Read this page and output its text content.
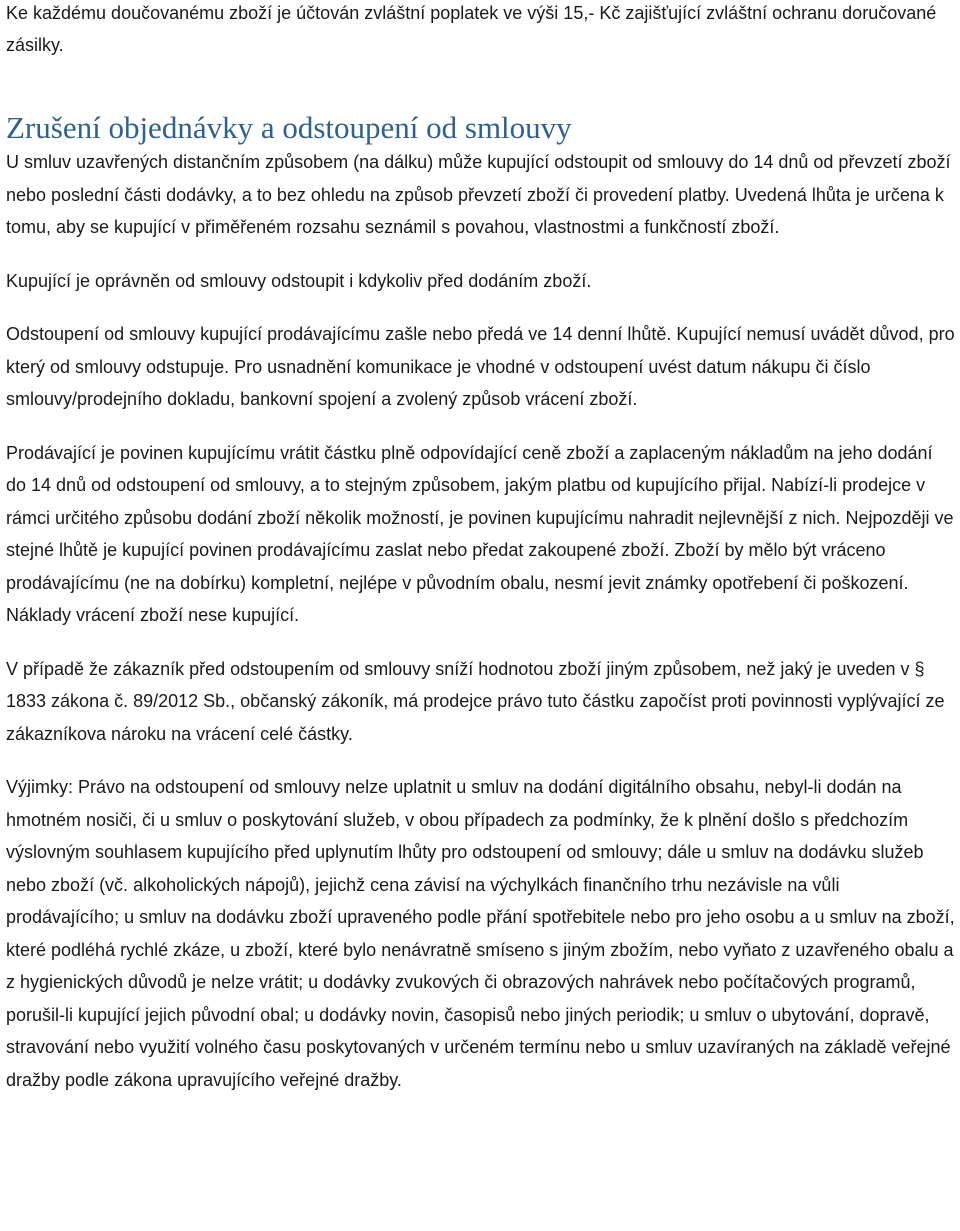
Ke každému doučovanému zboží je účtován zvláštní poplatek ve výši 15,- Kč zajišťující zvláštní ochranu doručované zásilky.

Zrušení objednávky a odstoupení od smlouvy

U smluv uzavřených distančním způsobem (na dálku) může kupující odstoupit od smlouvy do 14 dnů od převzetí zboží nebo poslední části dodávky, a to bez ohledu na způsob převzetí zboží či provedení platby. Uvedená lhůta je určena k tomu, aby se kupující v přiměřeném rozsahu seznámil s povahou, vlastnostmi a funkčností zboží.

Kupující je oprávněn od smlouvy odstoupit i kdykoliv před dodáním zboží.

Odstoupení od smlouvy kupující prodávajícímu zašle nebo předá ve 14 denní lhůtě. Kupující nemusí uvádět důvod, pro který od smlouvy odstupuje. Pro usnadnění komunikace je vhodné v odstoupení uvést datum nákupu či číslo smlouvy/prodejního dokladu, bankovní spojení a zvolený způsob vrácení zboží.

Prodávající je povinen kupujícímu vrátit částku plně odpovídající ceně zboží a zaplaceným nákladům na jeho dodání do 14 dnů od odstoupení od smlouvy, a to stejným způsobem, jakým platbu od kupujícího přijal. Nabízí-li prodejce v rámci určitého způsobu dodání zboží několik možností, je povinen kupujícímu nahradit nejlevnější z nich. Nejpozději ve stejné lhůtě je kupující povinen prodávajícímu zaslat nebo předat zakoupené zboží. Zboží by mělo být vráceno prodávajícímu (ne na dobírku) kompletní, nejlépe v původním obalu, nesmí jevit známky opotřebení či poškození. Náklady vrácení zboží nese kupující.

V případě že zákazník před odstoupením od smlouvy sníží hodnotou zboží jiným způsobem, než jaký je uveden v § 1833 zákona č. 89/2012 Sb., občanský zákoník, má prodejce právo tuto částku započíst proti povinnosti vyplývající ze zákazníkova nároku na vrácení celé částky.

Výjimky: Právo na odstoupení od smlouvy nelze uplatnit u smluv na dodání digitálního obsahu, nebyl-li dodán na hmotném nosiči, či u smluv o poskytování služeb, v obou případech za podmínky, že k plnění došlo s předchozím výslovným souhlasem kupujícího před uplynutím lhůty pro odstoupení od smlouvy; dále u smluv na dodávku služeb nebo zboží (vč. alkoholických nápojů), jejichž cena závisí na výchylkách finančního trhu nezávisle na vůli prodávajícího; u smluv na dodávku zboží upraveného podle přání spotřebitele nebo pro jeho osobu a u smluv na zboží, které podléhá rychlé zkáze, u zboží, které bylo nenávratně smíseno s jiným zbožím, nebo vyňato z uzavřeného obalu a z hygienických důvodů je nelze vrátit; u dodávky zvukových či obrazových nahrávek nebo počítačových programů, porušil-li kupující jejich původní obal; u dodávky novin, časopisů nebo jiných periodik; u smluv o ubytování, dopravě, stravování nebo využití volného času poskytovaných v určeném termínu nebo u smluv uzavíraných na základě veřejné dražby podle zákona upravujícího veřejné dražby.
